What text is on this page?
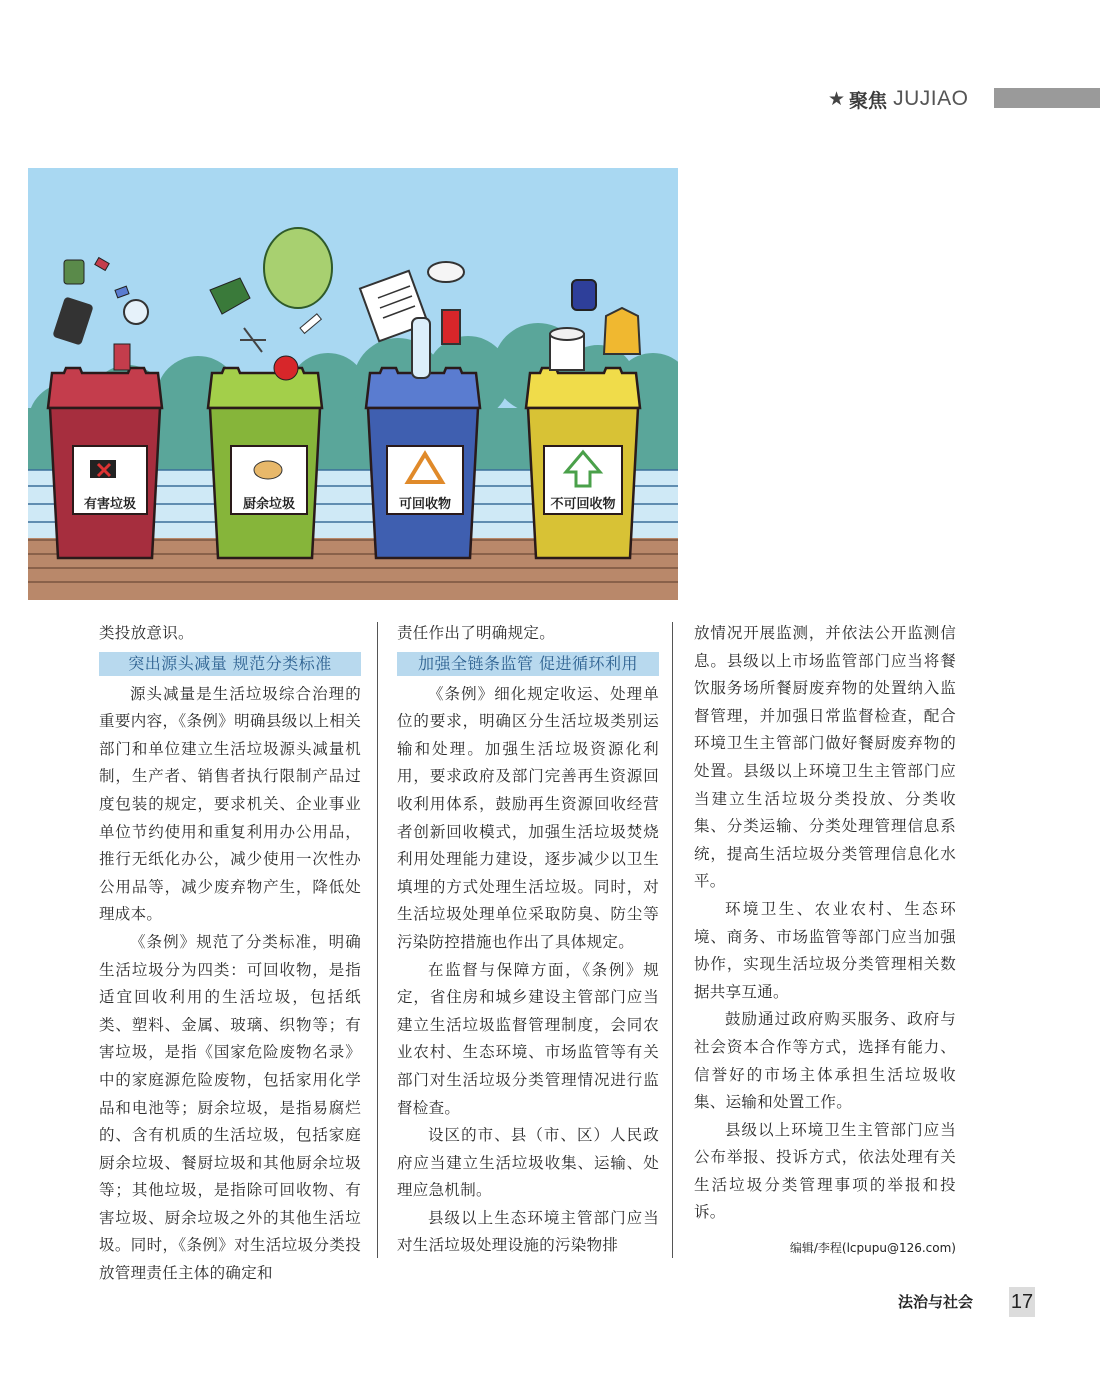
★ 聚焦 JUJIAO
有害垃圾	厨余垃圾	可回收物	不可回收物

类投放意识。

突出源头减量 规范分类标准

源头减量是生活垃圾综合治理的重要内容，《条例》明确县级以上相关部门和单位建立生活垃圾源头减量机制，生产者、销售者执行限制产品过度包装的规定，要求机关、企业事业单位节约使用和重复利用办公用品，推行无纸化办公，减少使用一次性办公用品等，减少废弃物产生，降低处理成本。

《条例》规范了分类标准，明确生活垃圾分为四类：可回收物，是指适宜回收利用的生活垃圾，包括纸类、塑料、金属、玻璃、织物等；有害垃圾，是指《国家危险废物名录》中的家庭源危险废物，包括家用化学品和电池等；厨余垃圾，是指易腐烂的、含有机质的生活垃圾，包括家庭厨余垃圾、餐厨垃圾和其他厨余垃圾等；其他垃圾，是指除可回收物、有害垃圾、厨余垃圾之外的其他生活垃圾。同时，《条例》对生活垃圾分类投放管理责任主体的确定和

责任作出了明确规定。

加强全链条监管 促进循环利用

《条例》细化规定收运、处理单位的要求，明确区分生活垃圾类别运输和处理。加强生活垃圾资源化利用，要求政府及部门完善再生资源回收利用体系，鼓励再生资源回收经营者创新回收模式，加强生活垃圾焚烧利用处理能力建设，逐步减少以卫生填埋的方式处理生活垃圾。同时，对生活垃圾处理单位采取防臭、防尘等污染防控措施也作出了具体规定。

在监督与保障方面，《条例》规定，省住房和城乡建设主管部门应当建立生活垃圾监督管理制度，会同农业农村、生态环境、市场监管等有关部门对生活垃圾分类管理情况进行监督检查。

设区的市、县（市、区）人民政府应当建立生活垃圾收集、运输、处理应急机制。

县级以上生态环境主管部门应当对生活垃圾处理设施的污染物排

放情况开展监测，并依法公开监测信息。县级以上市场监管部门应当将餐饮服务场所餐厨废弃物的处置纳入监督管理，并加强日常监督检查，配合环境卫生主管部门做好餐厨废弃物的处置。县级以上环境卫生主管部门应当建立生活垃圾分类投放、分类收集、分类运输、分类处理管理信息系统，提高生活垃圾分类管理信息化水平。

环境卫生、农业农村、生态环境、商务、市场监管等部门应当加强协作，实现生活垃圾分类管理相关数据共享互通。

鼓励通过政府购买服务、政府与社会资本合作等方式，选择有能力、信誉好的市场主体承担生活垃圾收集、运输和处置工作。

县级以上环境卫生主管部门应当公布举报、投诉方式，依法处理有关生活垃圾分类管理事项的举报和投诉。

编辑/李程(lcpupu@126.com)
法治与社会 17
